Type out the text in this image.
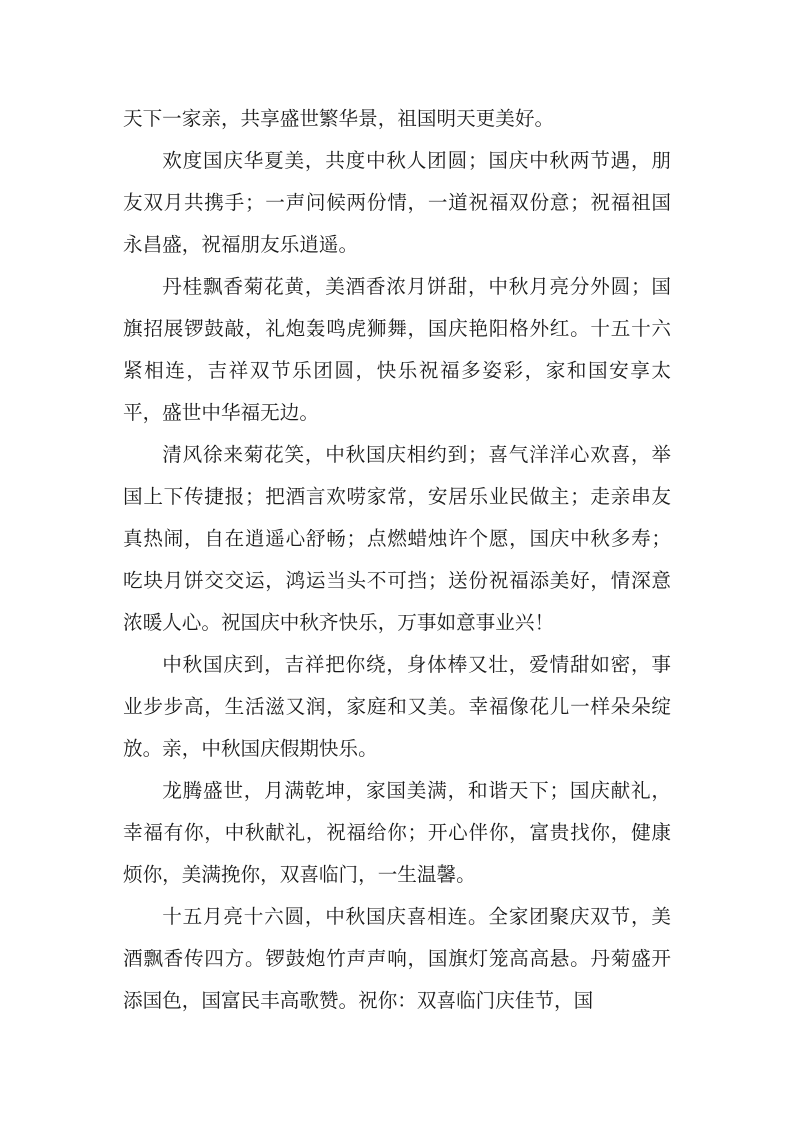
天下一家亲，共享盛世繁华景，祖国明天更美好。

欢度国庆华夏美，共度中秋人团圆；国庆中秋两节遇，朋友双月共携手；一声问候两份情，一道祝福双份意；祝福祖国永昌盛，祝福朋友乐逍遥。

丹桂飘香菊花黄，美酒香浓月饼甜，中秋月亮分外圆；国旗招展锣鼓敲，礼炮轰鸣虎狮舞，国庆艳阳格外红。十五十六紧相连，吉祥双节乐团圆，快乐祝福多姿彩，家和国安享太平，盛世中华福无边。

清风徐来菊花笑，中秋国庆相约到；喜气洋洋心欢喜，举国上下传捷报；把酒言欢唠家常，安居乐业民做主；走亲串友真热闹，自在逍遥心舒畅；点燃蜡烛许个愿，国庆中秋多寿；吃块月饼交交运，鸿运当头不可挡；送份祝福添美好，情深意浓暖人心。祝国庆中秋齐快乐，万事如意事业兴！

中秋国庆到，吉祥把你绕，身体棒又壮，爱情甜如密，事业步步高，生活滋又润，家庭和又美。幸福像花儿一样朵朵绽放。亲，中秋国庆假期快乐。

龙腾盛世，月满乾坤，家国美满，和谐天下；国庆献礼，幸福有你，中秋献礼，祝福给你；开心伴你，富贵找你，健康烦你，美满挽你，双喜临门，一生温馨。

十五月亮十六圆，中秋国庆喜相连。全家团聚庆双节，美酒飘香传四方。锣鼓炮竹声声响，国旗灯笼高高悬。丹菊盛开添国色，国富民丰高歌赞。祝你：双喜临门庆佳节，国
